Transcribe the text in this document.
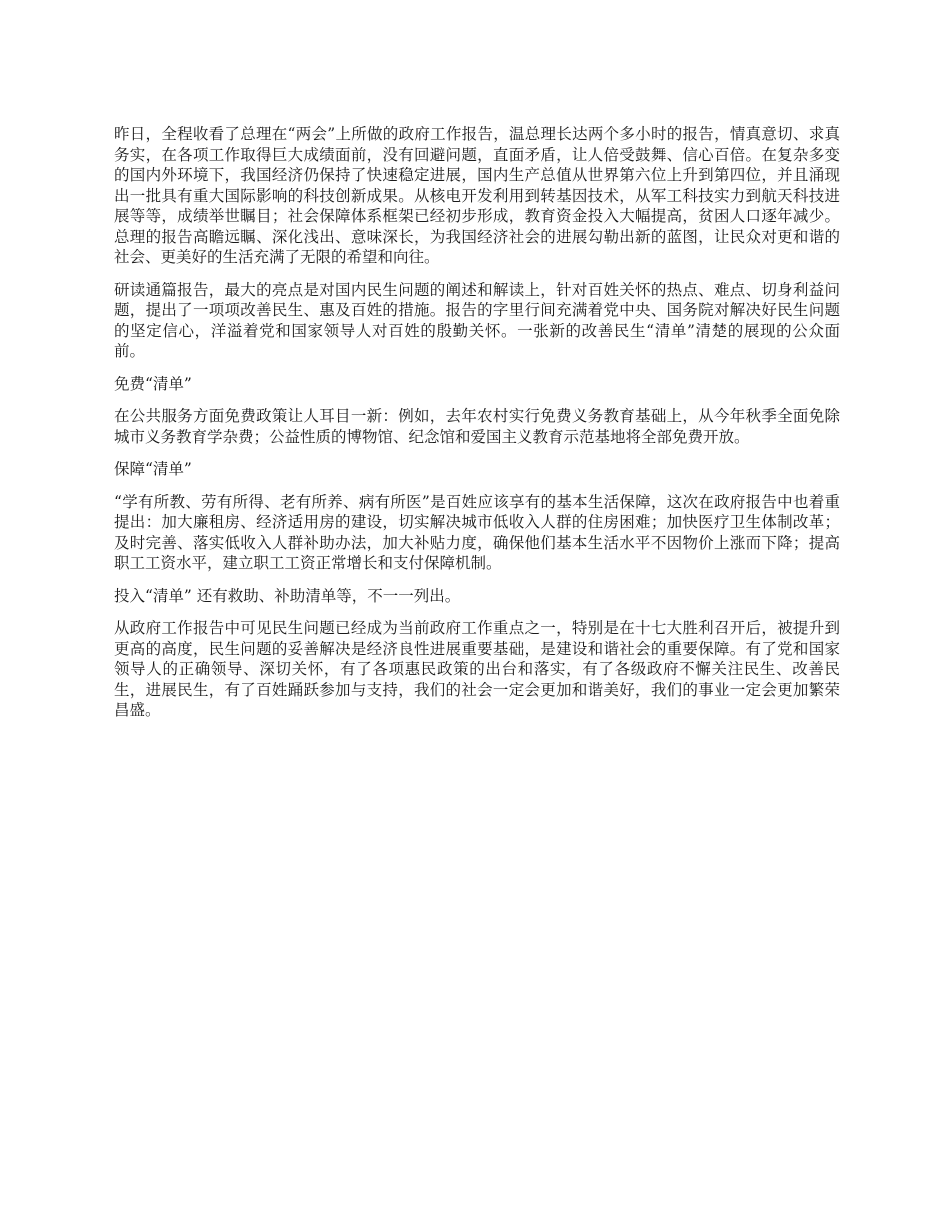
昨日，全程收看了总理在“两会”上所做的政府工作报告，温总理长达两个多小时的报告，情真意切、求真务实，在各项工作取得巨大成绩面前，没有回避问题，直面矛盾，让人倍受鼓舞、信心百倍。在复杂多变的国内外环境下，我国经济仍保持了快速稳定进展，国内生产总值从世界第六位上升到第四位，并且涌现出一批具有重大国际影响的科技创新成果。从核电开发利用到转基因技术，从军工科技实力到航天科技进展等等，成绩举世瞩目；社会保障体系框架已经初步形成，教育资金投入大幅提高，贫困人口逐年减少。总理的报告高瞻远瞩、深化浅出、意味深长，为我国经济社会的进展勾勒出新的蓝图，让民众对更和谐的社会、更美好的生活充满了无限的希望和向往。

研读通篇报告，最大的亮点是对国内民生问题的阐述和解读上，针对百姓关怀的热点、难点、切身利益问题，提出了一项项改善民生、惠及百姓的措施。报告的字里行间充满着党中央、国务院对解决好民生问题的坚定信心，洋溢着党和国家领导人对百姓的殷勤关怀。一张新的改善民生“清单”清楚的展现的公众面前。

免费“清单”

在公共服务方面免费政策让人耳目一新：例如，去年农村实行免费义务教育基础上，从今年秋季全面免除城市义务教育学杂费；公益性质的博物馆、纪念馆和爱国主义教育示范基地将全部免费开放。

保障“清单”

“学有所教、劳有所得、老有所养、病有所医”是百姓应该享有的基本生活保障，这次在政府报告中也着重提出：加大廉租房、经济适用房的建设，切实解决城市低收入人群的住房困难；加快医疗卫生体制改革；及时完善、落实低收入人群补助办法，加大补贴力度，确保他们基本生活水平不因物价上涨而下降；提高职工工资水平，建立职工工资正常增长和支付保障机制。

投入“清单” 还有救助、补助清单等，不一一列出。

从政府工作报告中可见民生问题已经成为当前政府工作重点之一，特别是在十七大胜利召开后，被提升到更高的高度，民生问题的妥善解决是经济良性进展重要基础，是建设和谐社会的重要保障。有了党和国家领导人的正确领导、深切关怀，有了各项惠民政策的出台和落实，有了各级政府不懈关注民生、改善民生，进展民生，有了百姓踊跃参加与支持，我们的社会一定会更加和谐美好，我们的事业一定会更加繁荣昌盛。
